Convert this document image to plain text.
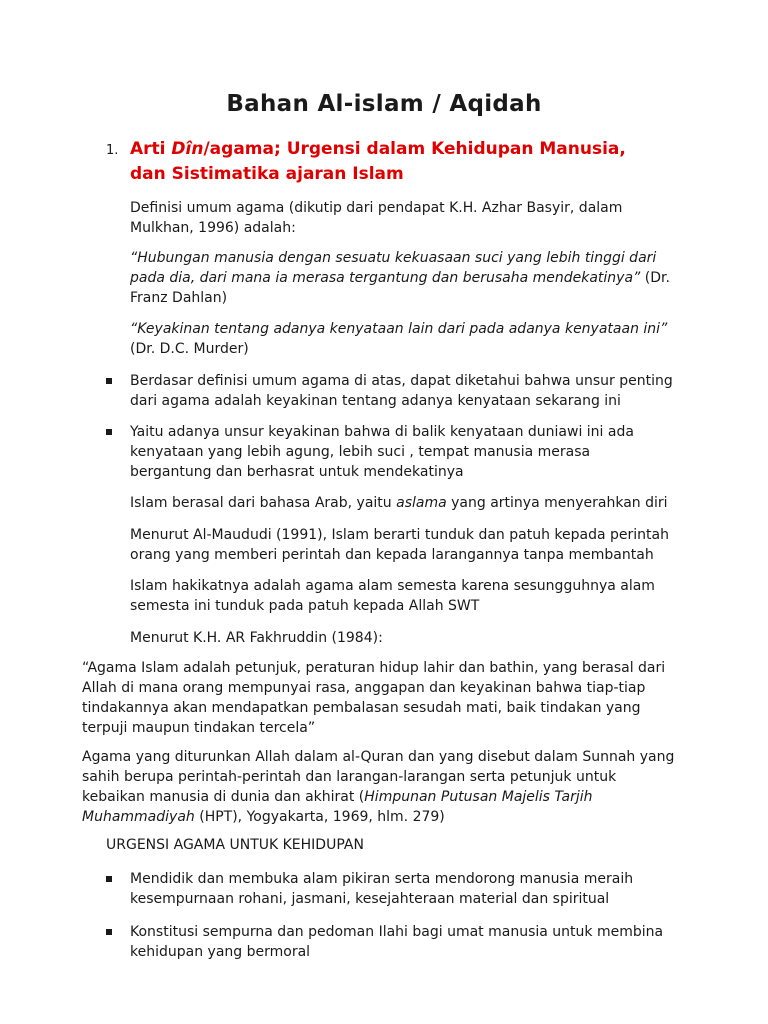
Bahan Al-islam / Aqidah
1. Arti Dîn/agama; Urgensi dalam Kehidupan Manusia,
dan Sistimatika ajaran Islam
Definisi umum agama (dikutip dari pendapat K.H. Azhar Basyir, dalam
Mulkhan, 1996) adalah:
“Hubungan manusia dengan sesuatu kekuasaan suci yang lebih tinggi dari
pada dia, dari mana ia merasa tergantung dan berusaha mendekatinya” (Dr.
Franz Dahlan)
“Keyakinan tentang adanya kenyataan lain dari pada adanya kenyataan ini”
(Dr. D.C. Murder)
Berdasar definisi umum agama di atas, dapat diketahui bahwa unsur penting
dari agama adalah keyakinan tentang adanya kenyataan sekarang ini
Yaitu adanya unsur keyakinan bahwa di balik kenyataan duniawi ini ada
kenyataan yang lebih agung, lebih suci , tempat manusia merasa
bergantung dan berhasrat untuk mendekatinya
Islam berasal dari bahasa Arab, yaitu aslama yang artinya menyerahkan diri
Menurut Al-Maududi (1991), Islam berarti tunduk dan patuh kepada perintah
orang yang memberi perintah dan kepada larangannya tanpa membantah
Islam hakikatnya adalah agama alam semesta karena sesungguhnya alam
semesta ini tunduk pada patuh kepada Allah SWT
Menurut K.H. AR Fakhruddin (1984):
“Agama Islam adalah petunjuk, peraturan hidup lahir dan bathin, yang berasal dari
Allah di mana orang mempunyai rasa, anggapan dan keyakinan bahwa tiap-tiap
tindakannya akan mendapatkan pembalasan sesudah mati, baik tindakan yang
terpuji maupun tindakan tercela”
Agama yang diturunkan Allah dalam al-Quran dan yang disebut dalam Sunnah yang
sahih berupa perintah-perintah dan larangan-larangan serta petunjuk untuk
kebaikan manusia di dunia dan akhirat (Himpunan Putusan Majelis Tarjih
Muhammadiyah (HPT), Yogyakarta, 1969, hlm. 279)
URGENSI AGAMA UNTUK KEHIDUPAN
Mendidik dan membuka alam pikiran serta mendorong manusia meraih
kesempurnaan rohani, jasmani, kesejahteraan material dan spiritual
Konstitusi sempurna dan pedoman Ilahi bagi umat manusia untuk membina
kehidupan yang bermoral
